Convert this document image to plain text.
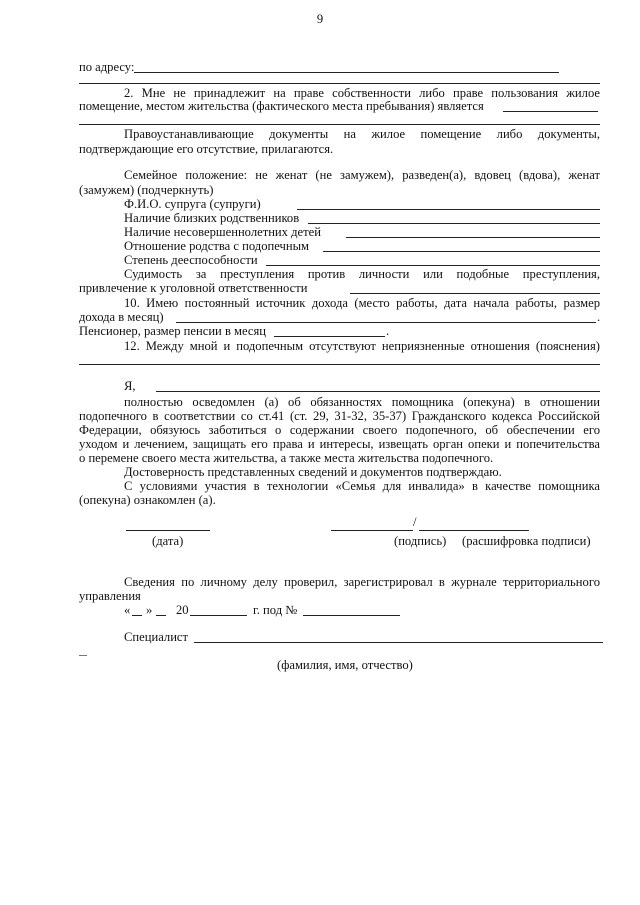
9
по адресу:
2. Мне не принадлежит на праве собственности либо праве пользования жилое
помещение, местом жительства (фактического места пребывания) является
Правоустанавливающие документы на жилое помещение либо документы,
подтверждающие его отсутствие, прилагаются.
Семейное положение: не женат (не замужем), разведен(а), вдовец (вдова), женат
(замужем) (подчеркнуть)
Ф.И.О. супруга (супруги)
Наличие близких родственников
Наличие несовершеннолетних детей
Отношение родства с подопечным
Степень дееспособности
Судимость за преступления против личности или подобные преступления,
привлечение к уголовной ответственности
10. Имею постоянный источник дохода (место работы, дата начала работы, размер
дохода в месяц)	.
Пенсионер, размер пенсии в месяц	.
12. Между мной и подопечным отсутствуют неприязненные отношения (пояснения)
Я,
полностью осведомлен (а) об обязанностях помощника (опекуна) в отношении
подопечного в соответствии со ст.41 (ст. 29, 31-32, 35-37) Гражданского кодекса Российской
Федерации, обязуюсь заботиться о содержании своего подопечного, об обеспечении его
уходом и лечением, защищать его права и интересы, извещать орган опеки и попечительства
о перемене своего места жительства, а также места жительства подопечного.
Достоверность представленных сведений и документов подтверждаю.
С условиями участия в технологии «Семья для инвалида» в качестве помощника
(опекуна) ознакомлен (а).
/
(дата)	(подпись) (расшифровка подписи)
Сведения по личному делу проверил, зарегистрировал в журнале территориального
управления
« » 20	г. под №
Специалист
(фамилия, имя, отчество)
